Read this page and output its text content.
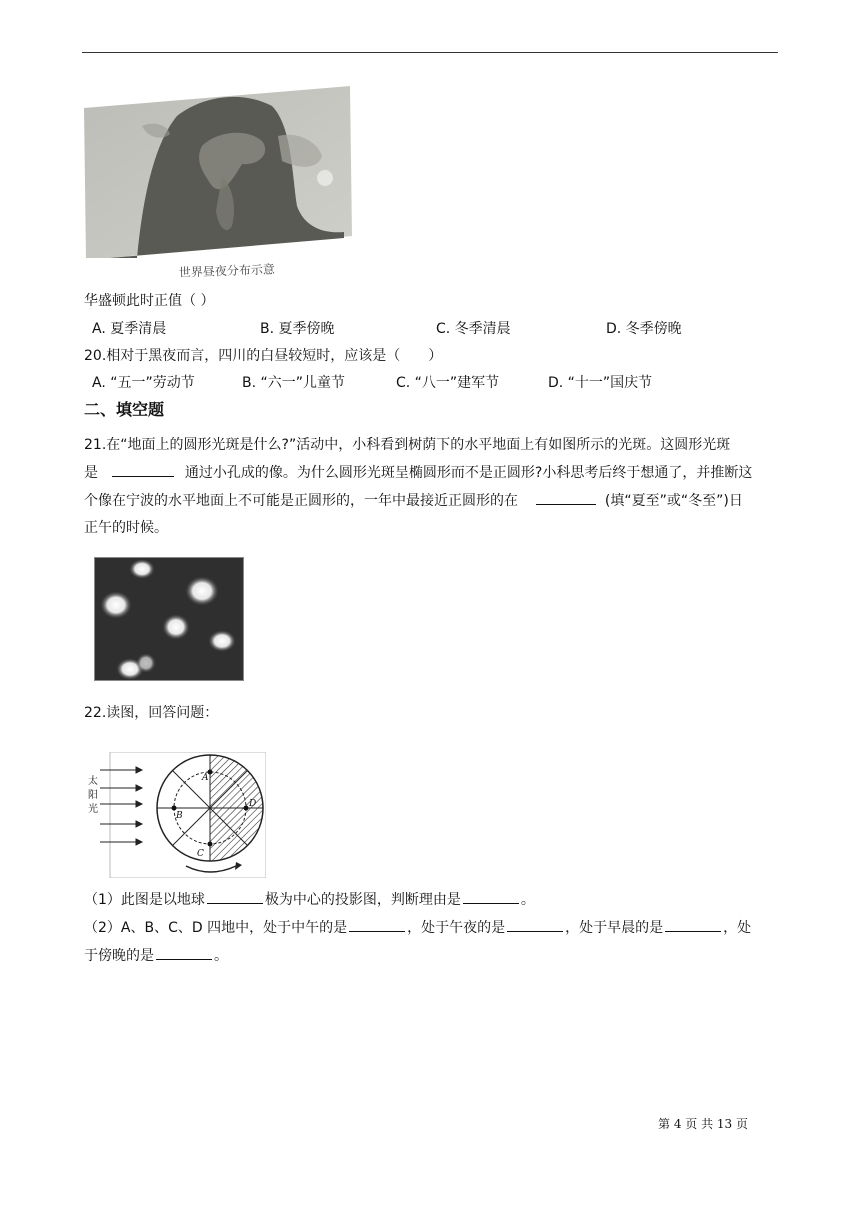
世界昼夜分布示意
华盛顿此时正值（ ）
A. 夏季清晨	B. 夏季傍晚	C. 冬季清晨	D. 冬季傍晚
20.相对于黑夜而言，四川的白昼较短时，应该是（　　）
A. “五一”劳动节	B. “六一”儿童节	C. “八一”建军节	D. “十一”国庆节
二、填空题
21.在“地面上的圆形光斑是什么?”活动中，小科看到树荫下的水平地面上有如图所示的光斑。这圆形光斑
是	通过小孔成的像。为什么圆形光斑呈椭圆形而不是正圆形?小科思考后终于想通了，并推断这
个像在宁波的水平地面上不可能是正圆形的，一年中最接近正圆形的在	(填“夏至”或“冬至”)日
正午的时候。
22.读图，回答问题：
太
阳
光
A
B
C
D
（1）此图是以地球	极为中心的投影图，判断理由是	。
（2）A、B、C、D 四地中，处于中午的是	，处于午夜的是	，处于早晨的是	，处
于傍晚的是	。
第 4 页 共 13 页
